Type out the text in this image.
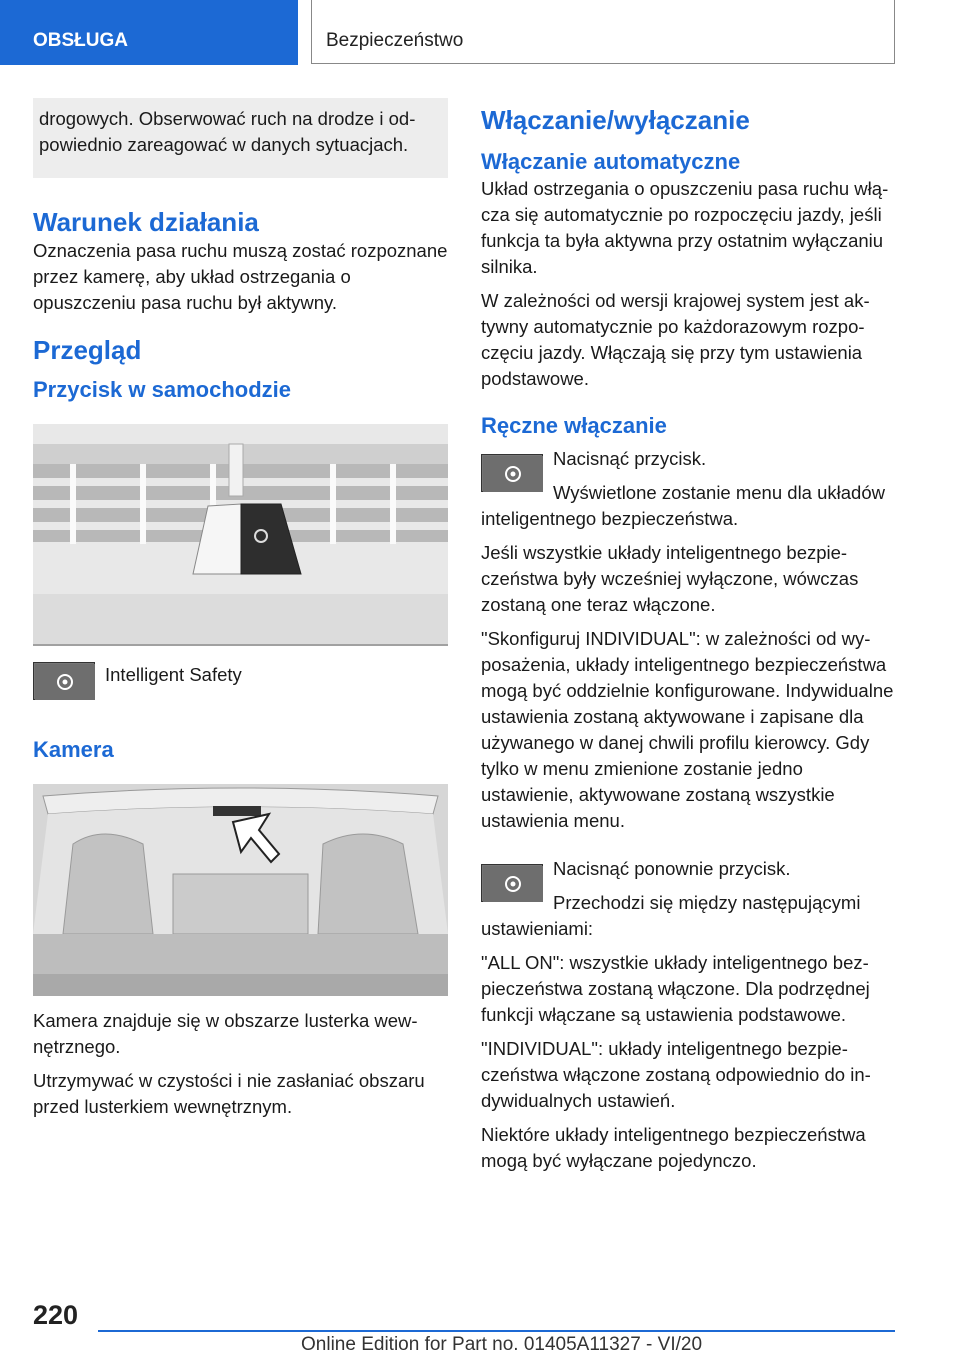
OBSŁUGA	Bezpieczeństwo

drogowych. Obserwować ruch na drodze i odpowiednio zareagować w danych sytuacjach.

Warunek działania

Oznaczenia pasa ruchu muszą zostać rozpoznane przez kamerę, aby układ ostrzegania o opuszczeniu pasa ruchu był aktywny.

Przegląd
Przycisk w samochodzie

Intelligent Safety

Kamera

Kamera znajduje się w obszarze lusterka wewnętrznego.

Utrzymywać w czystości i nie zasłaniać obszaru przed lusterkiem wewnętrznym.

Włączanie/wyłączanie
Włączanie automatyczne

Układ ostrzegania o opuszczeniu pasa ruchu włącza się automatycznie po rozpoczęciu jazdy, jeśli funkcja ta była aktywna przy ostatnim wyłączaniu silnika.

W zależności od wersji krajowej system jest aktywny automatycznie po każdorazowym rozpoczęciu jazdy. Włączają się przy tym ustawienia podstawowe.

Ręczne włączanie

Nacisnąć przycisk.

Wyświetlone zostanie menu dla układów inteligentnego bezpieczeństwa.

Jeśli wszystkie układy inteligentnego bezpieczeństwa były wcześniej wyłączone, wówczas zostaną one teraz włączone.

"Skonfiguruj INDIVIDUAL": w zależności od wyposażenia, układy inteligentnego bezpieczeństwa mogą być oddzielnie konfigurowane. Indywidualne ustawienia zostaną aktywowane i zapisane dla używanego w danej chwili profilu kierowcy. Gdy tylko w menu zmienione zostanie jedno ustawienie, aktywowane zostaną wszystkie ustawienia menu.

Nacisnąć ponownie przycisk.

Przechodzi się między następującymi ustawieniami:

"ALL ON": wszystkie układy inteligentnego bezpieczeństwa zostaną włączone. Dla podrzędnej funkcji włączane są ustawienia podstawowe.

"INDIVIDUAL": układy inteligentnego bezpieczeństwa włączone zostaną odpowiednio do indywidualnych ustawień.

Niektóre układy inteligentnego bezpieczeństwa mogą być wyłączane pojedynczo.

220
Online Edition for Part no. 01405A11327 - VI/20
